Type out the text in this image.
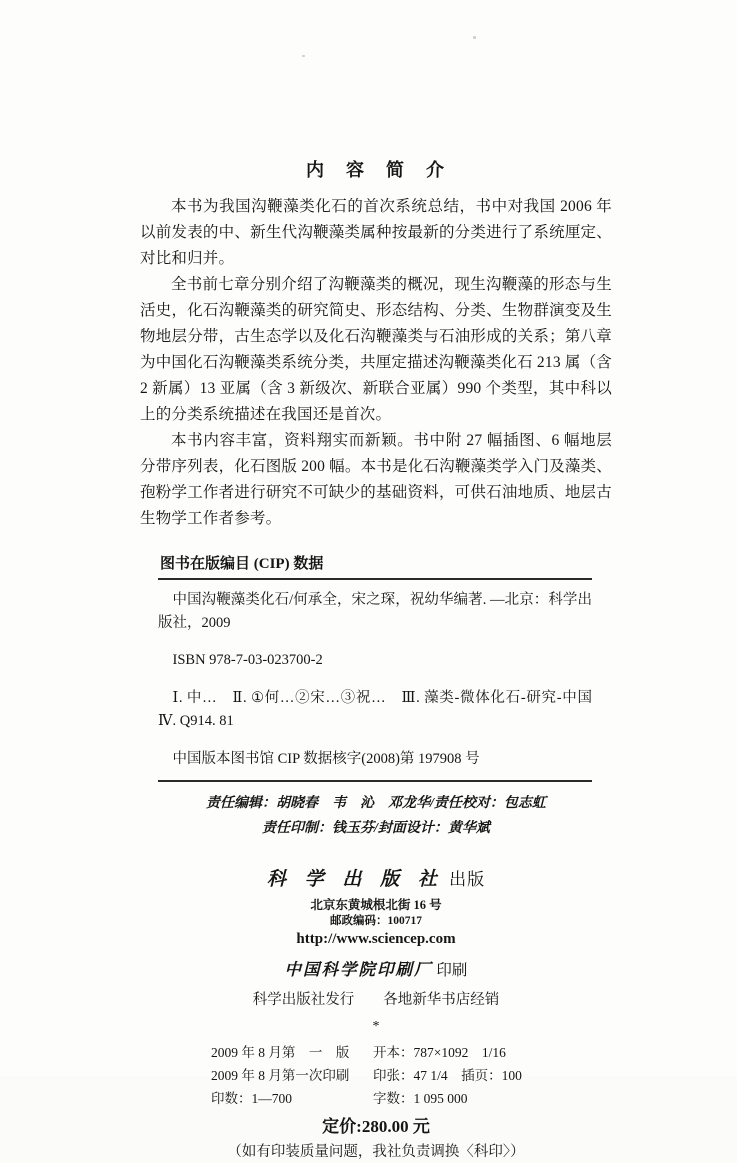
内　容　简　介

本书为我国沟鞭藻类化石的首次系统总结，书中对我国 2006 年以前发表的中、新生代沟鞭藻类属种按最新的分类进行了系统厘定、对比和归并。

全书前七章分别介绍了沟鞭藻类的概况，现生沟鞭藻的形态与生活史，化石沟鞭藻类的研究简史、形态结构、分类、生物群演变及生物地层分带，古生态学以及化石沟鞭藻类与石油形成的关系；第八章为中国化石沟鞭藻类系统分类，共厘定描述沟鞭藻类化石 213 属（含 2 新属）13 亚属（含 3 新级次、新联合亚属）990 个类型，其中科以上的分类系统描述在我国还是首次。

本书内容丰富，资料翔实而新颖。书中附 27 幅插图、6 幅地层分带序列表，化石图版 200 幅。本书是化石沟鞭藻类学入门及藻类、孢粉学工作者进行研究不可缺少的基础资料，可供石油地质、地层古生物学工作者参考。

图书在版编目 (CIP) 数据

中国沟鞭藻类化石/何承全，宋之琛，祝幼华编著. —北京：科学出版社，2009

ISBN 978-7-03-023700-2

Ⅰ. 中…　Ⅱ. ①何…②宋…③祝…　Ⅲ. 藻类-微体化石-研究-中国 Ⅳ. Q914. 81

中国版本图书馆 CIP 数据核字(2008)第 197908 号

责任编辑：胡晓春　韦　沁　邓龙华/责任校对：包志虹
责任印制：钱玉芬/封面设计：黄华斌
科 学 出 版 社 出版
北京东黄城根北街 16 号
邮政编码：100717
http://www.sciencep.com
中国科学院印刷厂 印刷
科学出版社发行　　各地新华书店经销
*
2009 年 8 月第　一　版	开本：787×1092　1/16
2009 年 8 月第一次印刷	印张：47 1/4　插页：100
印数：1—700	字数：1 095 000
定价:280.00 元
（如有印装质量问题，我社负责调换〈科印〉）
